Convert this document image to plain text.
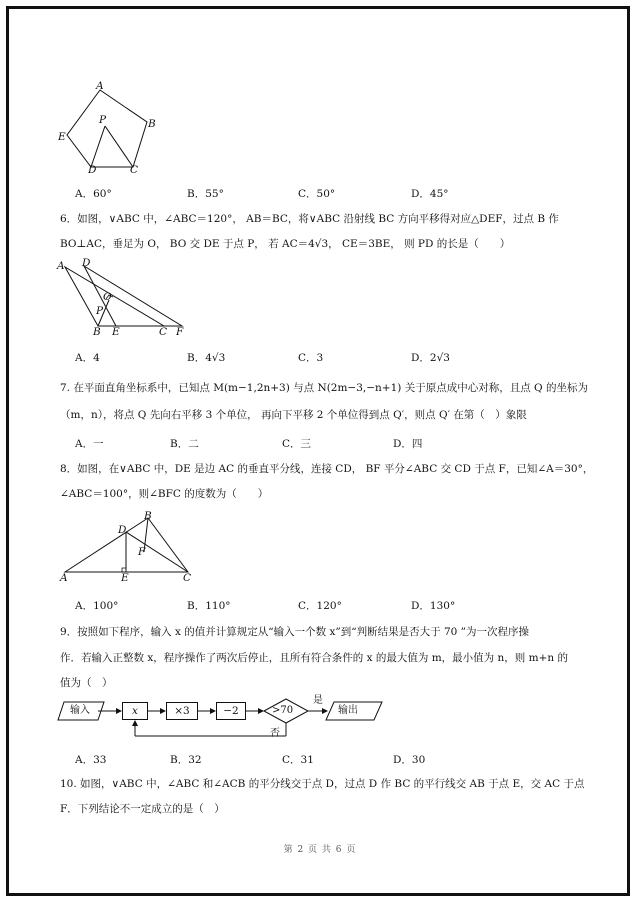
A
B
C
D
E
P
A．60°	B．55°	C．50°	D．45°
6．如图，∨ABC 中，∠ABC＝120°， AB＝BC，将∨ABC 沿射线 BC 方向平移得对应△DEF，过点 B 作
BO⊥AC，垂足为 O， BO 交 DE 于点 P， 若 AC＝4√3， CE＝3BE， 则 PD 的长是（　　）
A D
O
P
B E	C F
A．4	B．4√3	C．3	D．2√3
7. 在平面直角坐标系中，已知点 M(m−1,2n+3) 与点 N(2m−3,−n+1) 关于原点成中心对称，且点 Q 的坐标为
（m，n），将点 Q 先向右平移 3 个单位， 再向下平移 2 个单位得到点 Q′，则点 Q′ 在第（　）象限
A．一	B．二	C．三	D．四
8．如图，在∨ABC 中，DE 是边 AC 的垂直平分线，连接 CD， BF 平分∠ABC 交 CD 于点 F，已知∠A＝30°，
∠ABC＝100°，则∠BFC 的度数为（　　）
B
D
F
A	E	C
A．100°	B．110°	C．120°	D．130°
9．按照如下程序，输入 x 的值并计算规定从“输入一个数 x”到“判断结果是否大于 70 ”为一次程序操
作．若输入正整数 x，程序操作了两次后停止，且所有符合条件的 x 的最大值为 m，最小值为 n，则 m+n 的
值为（　）
输入	x	×3	−2	>70
是
否
输出
A．33	B．32	C．31	D．30
10. 如图，∨ABC 中，∠ABC 和∠ACB 的平分线交于点 D，过点 D 作 BC 的平行线交 AB 于点 E，交 AC 于点
F．下列结论不一定成立的是（　）
第 2 页 共 6 页
